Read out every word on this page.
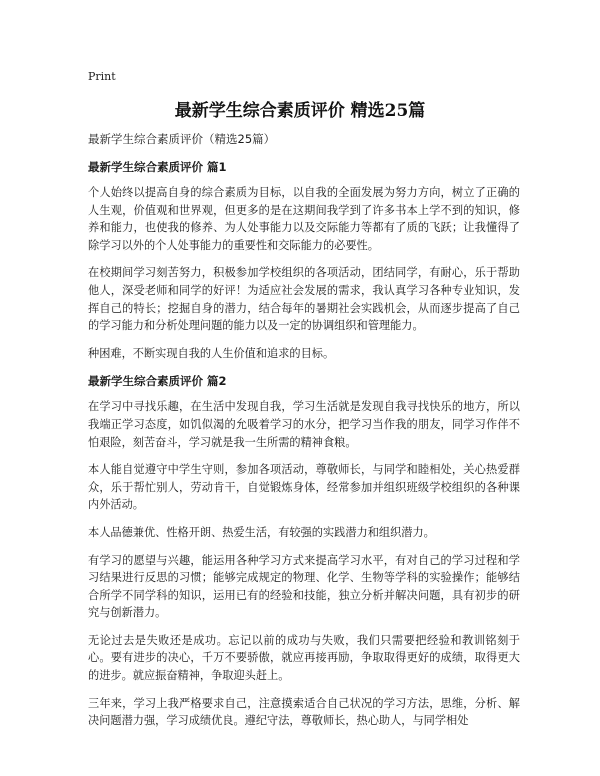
Print
最新学生综合素质评价 精选25篇
最新学生综合素质评价（精选25篇）
最新学生综合素质评价 篇1

个人始终以提高自身的综合素质为目标，以自我的全面发展为努力方向，树立了正确的人生观，价值观和世界观，但更多的是在这期间我学到了许多书本上学不到的知识，修养和能力，也使我的修养、为人处事能力以及交际能力等都有了质的飞跃；让我懂得了除学习以外的个人处事能力的重要性和交际能力的必要性。

在校期间学习刻苦努力，积极参加学校组织的各项活动，团结同学，有耐心，乐于帮助他人，深受老师和同学的好评！为适应社会发展的需求，我认真学习各种专业知识，发挥自己的特长；挖掘自身的潜力，结合每年的暑期社会实践机会，从而逐步提高了自己的学习能力和分析处理问题的能力以及一定的协调组织和管理能力。

种困难，不断实现自我的人生价值和追求的目标。

最新学生综合素质评价 篇2

在学习中寻找乐趣，在生活中发现自我，学习生活就是发现自我寻找快乐的地方，所以我端正学习态度，如饥似渴的允吸着学习的水分，把学习当作我的朋友，同学习作伴不怕艰险，刻苦奋斗，学习就是我一生所需的精神食粮。

本人能自觉遵守中学生守则，参加各项活动，尊敬师长，与同学和睦相处，关心热爱群众，乐于帮忙别人，劳动肯干，自觉锻炼身体，经常参加并组织班级学校组织的各种课内外活动。

本人品德兼优、性格开朗、热爱生活，有较强的实践潜力和组织潜力。

有学习的愿望与兴趣，能运用各种学习方式来提高学习水平，有对自己的学习过程和学习结果进行反思的习惯；能够完成规定的物理、化学、生物等学科的实验操作；能够结合所学不同学科的知识，运用已有的经验和技能，独立分析并解决问题，具有初步的研究与创新潜力。

无论过去是失败还是成功。忘记以前的成功与失败，我们只需要把经验和教训铭刻于心。要有进步的决心，千万不要骄傲，就应再接再励，争取取得更好的成绩，取得更大的进步。就应振奋精神，争取迎头赶上。

三年来，学习上我严格要求自己，注意摸索适合自己状况的学习方法，思维，分析、解决问题潜力强，学习成绩优良。遵纪守法，尊敬师长，热心助人，与同学相处
